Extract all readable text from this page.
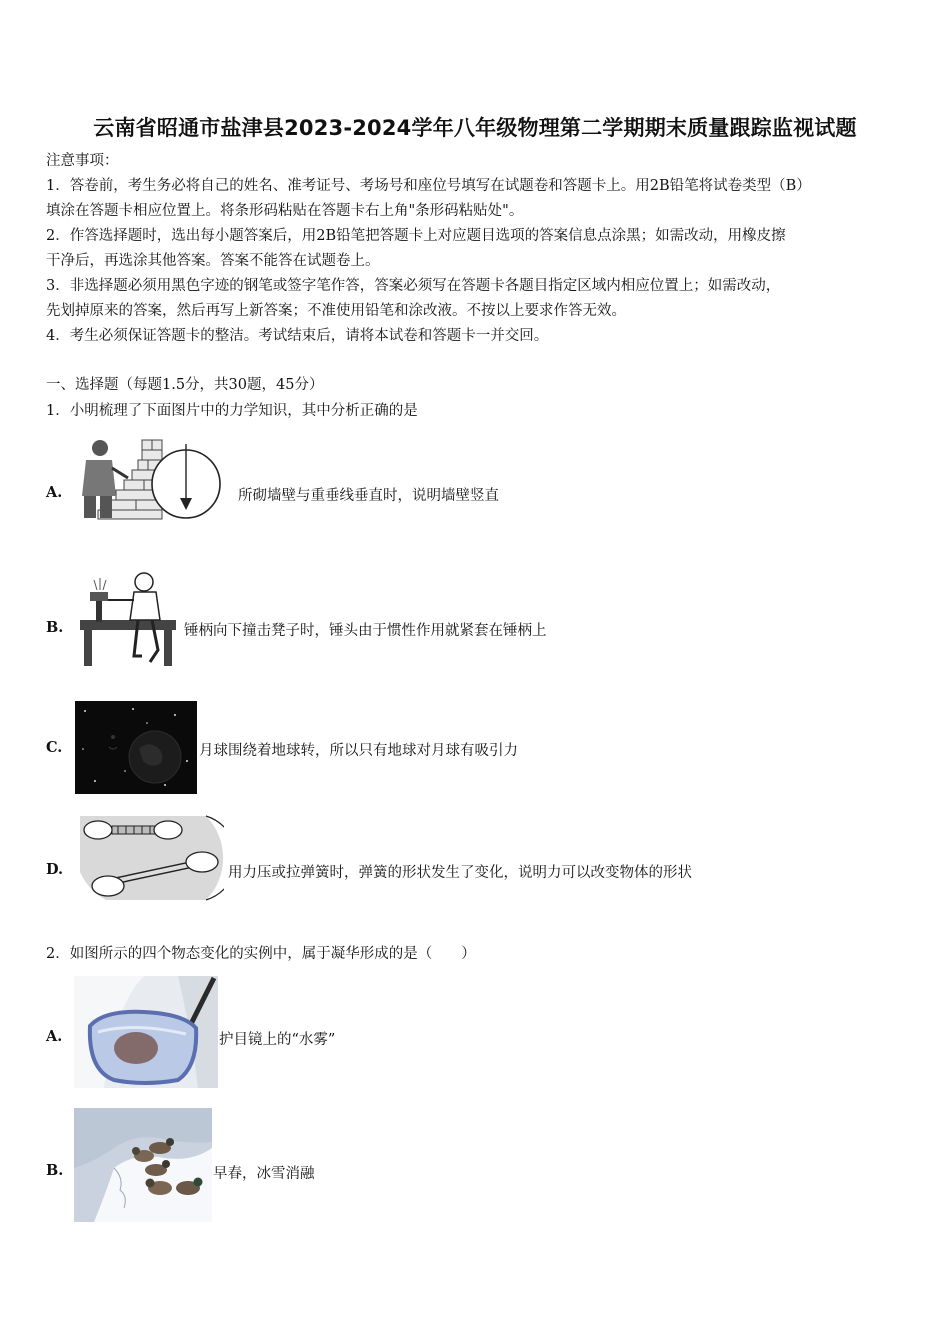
云南省昭通市盐津县2023-2024学年八年级物理第二学期期末质量跟踪监视试题
注意事项：
1．答卷前，考生务必将自己的姓名、准考证号、考场号和座位号填写在试题卷和答题卡上。用2B铅笔将试卷类型（B）
填涂在答题卡相应位置上。将条形码粘贴在答题卡右上角"条形码粘贴处"。
2．作答选择题时，选出每小题答案后，用2B铅笔把答题卡上对应题目选项的答案信息点涂黑；如需改动，用橡皮擦
干净后，再选涂其他答案。答案不能答在试题卷上。
3．非选择题必须用黑色字迹的钢笔或签字笔作答，答案必须写在答题卡各题目指定区域内相应位置上；如需改动，
先划掉原来的答案，然后再写上新答案；不准使用铅笔和涂改液。不按以上要求作答无效。
4．考生必须保证答题卡的整洁。考试结束后，请将本试卷和答题卡一并交回。
一、选择题（每题1.5分，共30题，45分）
1．小明梳理了下面图片中的力学知识，其中分析正确的是
A.	所砌墙壁与重垂线垂直时，说明墙壁竖直
B.	锤柄向下撞击凳子时，锤头由于惯性作用就紧套在锤柄上
C.	月球围绕着地球转，所以只有地球对月球有吸引力
D.	用力压或拉弹簧时，弹簧的形状发生了变化，说明力可以改变物体的形状
2．如图所示的四个物态变化的实例中，属于凝华形成的是（　　）
A.	护目镜上的“水雾”
B.	早春，冰雪消融
